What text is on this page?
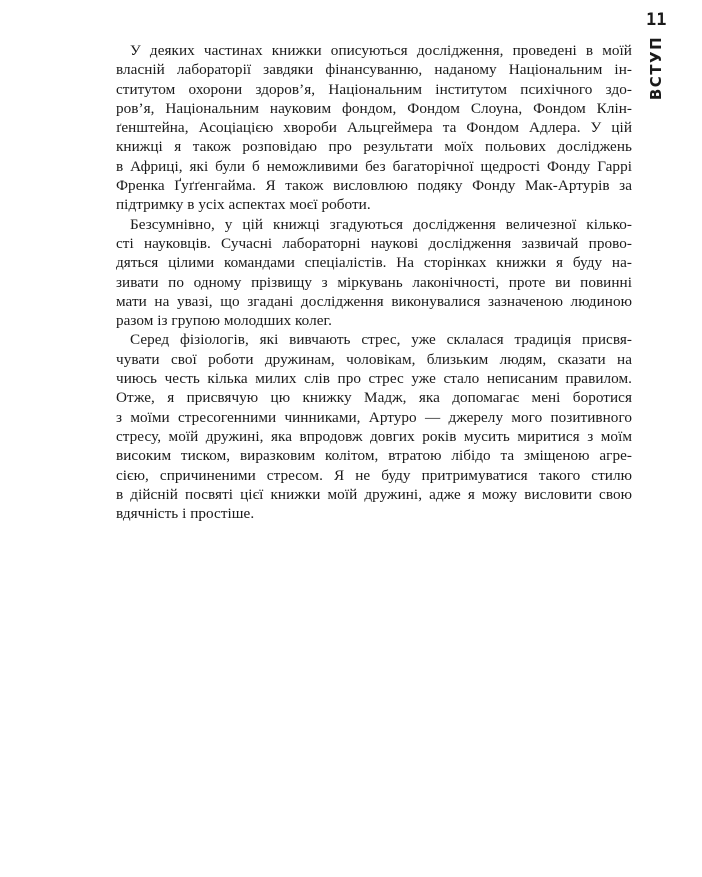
11
ВСТУП

У деяких частинах книжки описуються дослідження, проведені в моїй
власній лабораторії завдяки фінансуванню, наданому Національним ін-
ститутом охорони здоров’я, Національним інститутом психічного здо-
ров’я, Національним науковим фондом, Фондом Слоуна, Фондом Клін-
ґенштейна, Асоціацією хвороби Альцгеймера та Фондом Адлера. У цій
книжці я також розповідаю про результати моїх польових досліджень
в Африці, які були б неможливими без багаторічної щедрості Фонду Гаррі
Френка Ґуґґенгайма. Я також висловлюю подяку Фонду Мак-Артурів за
підтримку в усіх аспектах моєї роботи.

Безсумнівно, у цій книжці згадуються дослідження величезної кілько-
сті науковців. Сучасні лабораторні наукові дослідження зазвичай прово-
дяться цілими командами спеціалістів. На сторінках книжки я буду на-
зивати по одному прізвищу з міркувань лаконічності, проте ви повинні
мати на увазі, що згадані дослідження виконувалися зазначеною людиною
разом із групою молодших колег.

Серед фізіологів, які вивчають стрес, уже склалася традиція присвя-
чувати свої роботи дружинам, чоловікам, близьким людям, сказати на
чиюсь честь кілька милих слів про стрес уже стало неписаним правилом.
Отже, я присвячую цю книжку Мадж, яка допомагає мені боротися
з моїми стресогенними чинниками, Артуро — джерелу мого позитивного
стресу, моїй дружині, яка впродовж довгих років мусить миритися з моїм
високим тиском, виразковим колітом, втратою лібідо та зміщеною агре-
сією, спричиненими стресом. Я не буду притримуватися такого стилю
в дійсній посвяті цієї книжки моїй дружині, адже я можу висловити свою
вдячність і простіше.
